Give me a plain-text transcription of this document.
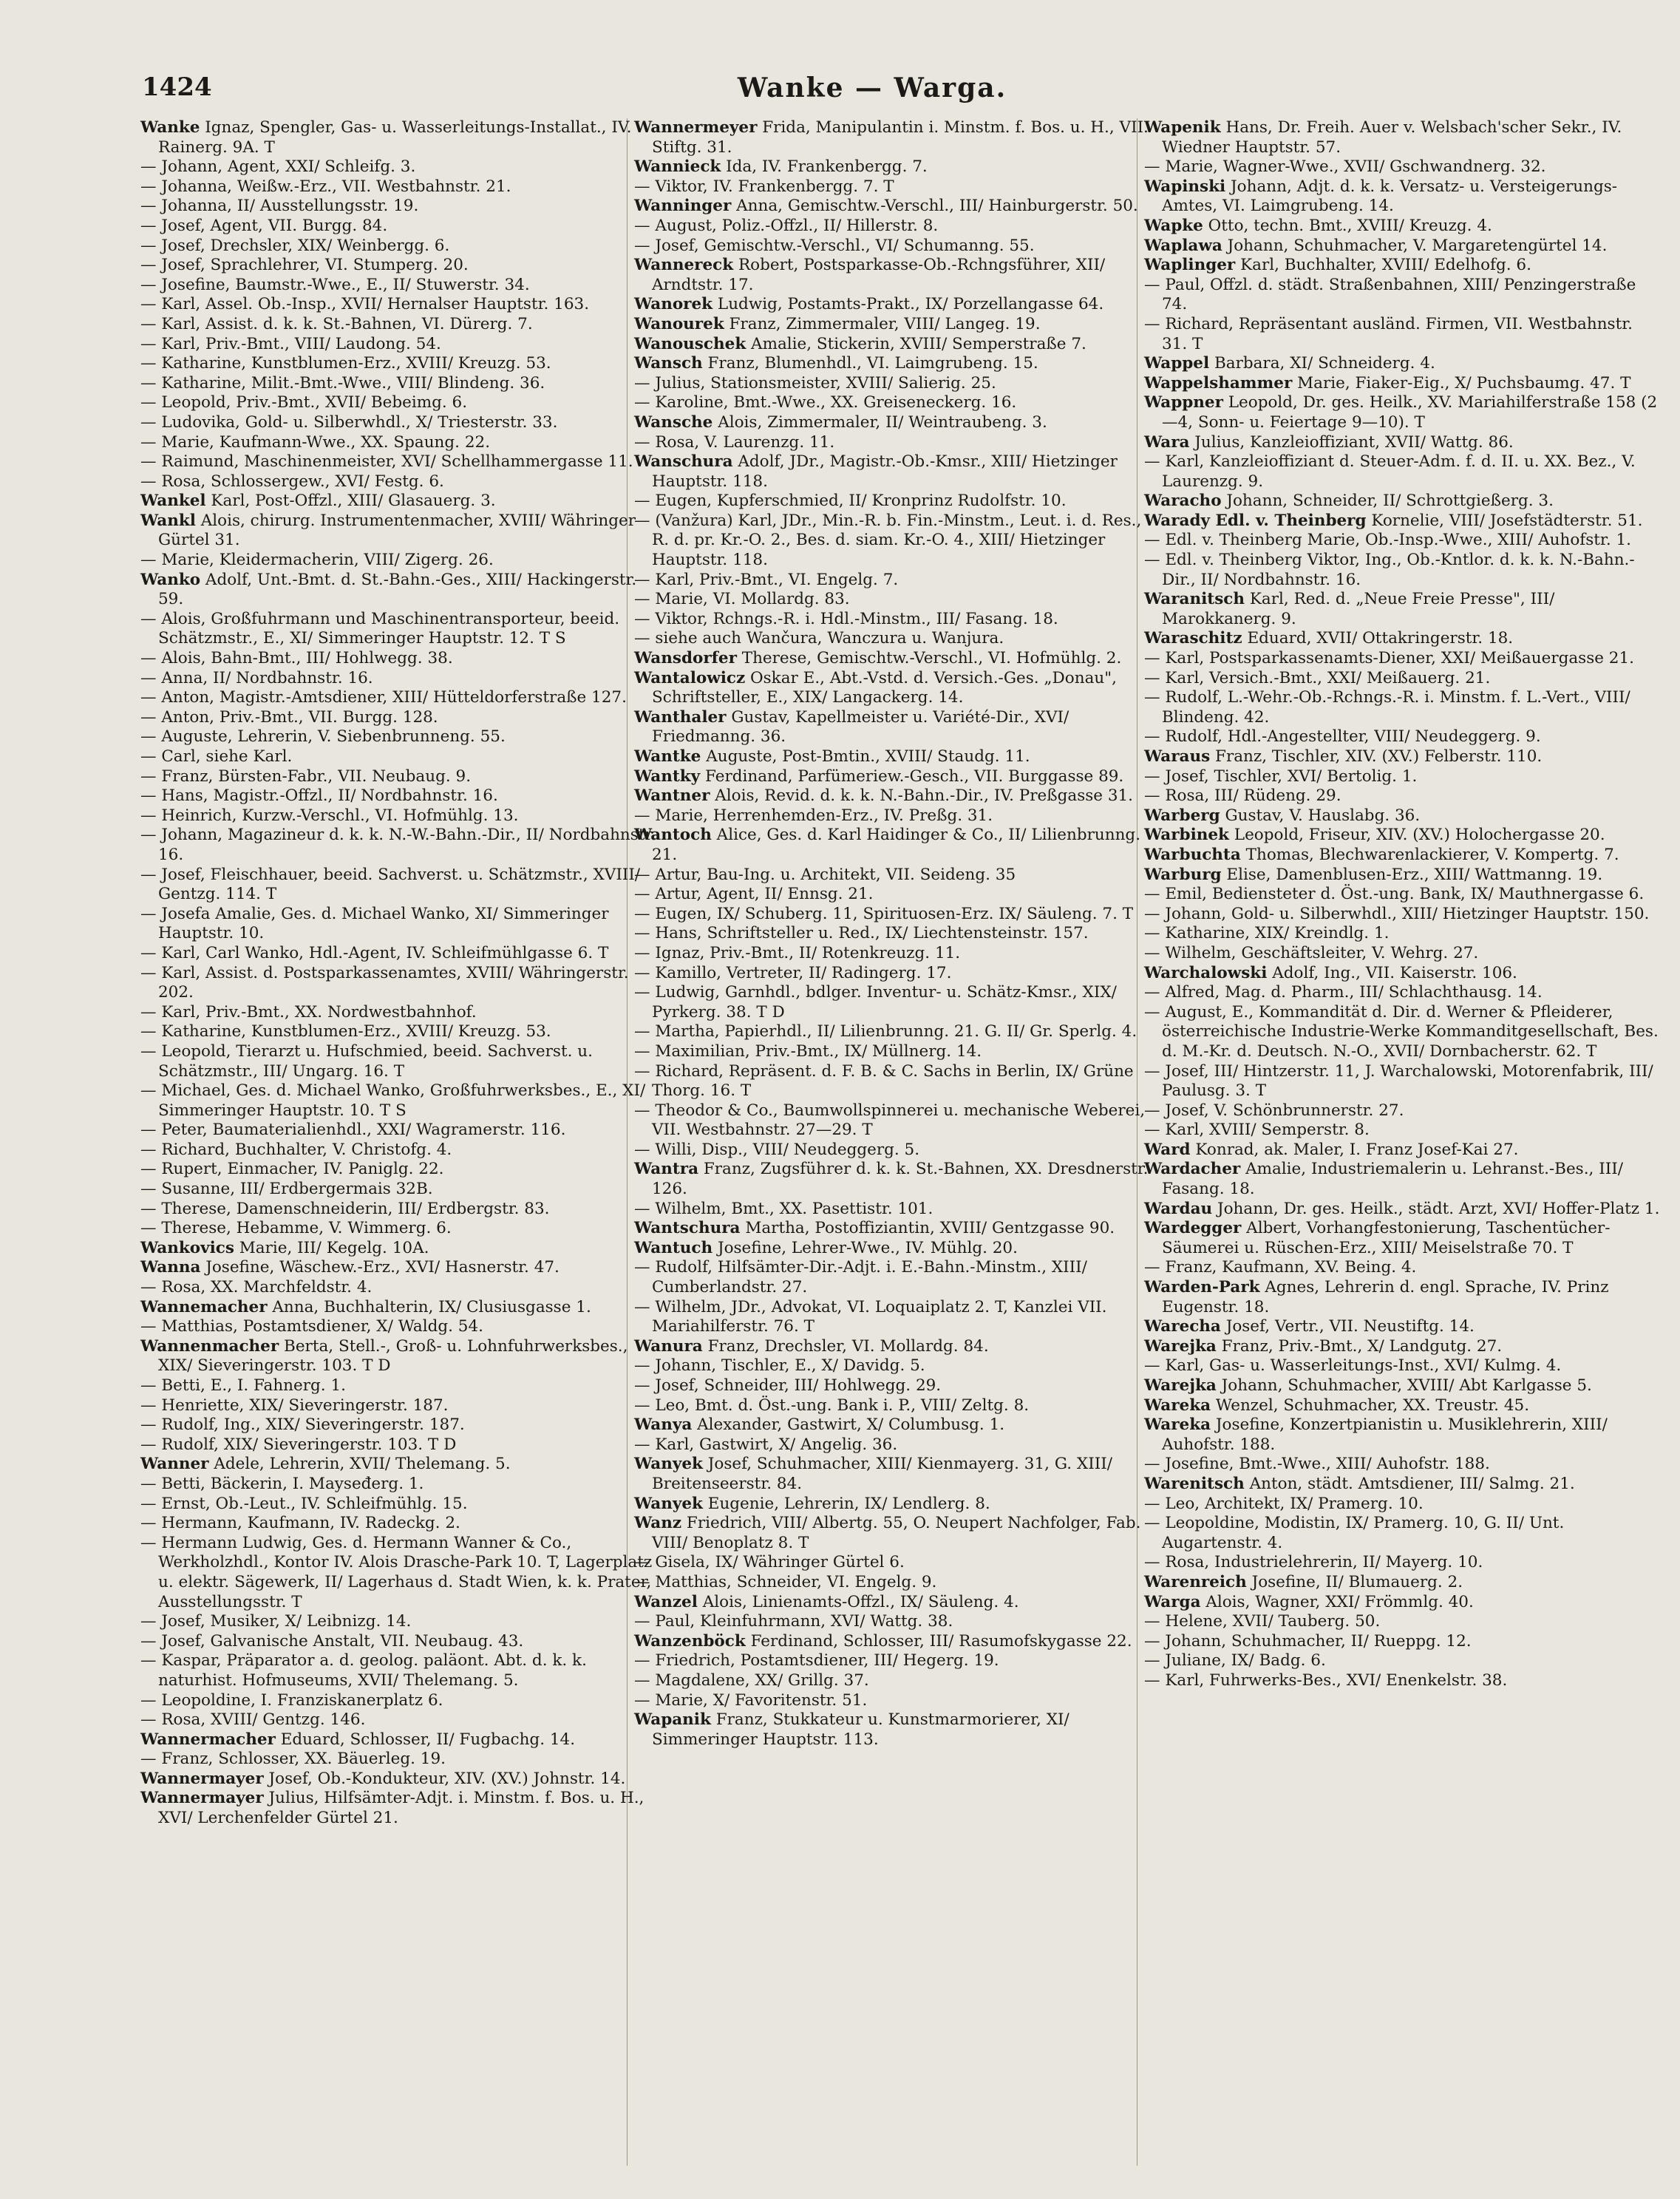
1424	Wanke — Warga.

Wanke Ignaz, Spengler, Gas- u. Wasserleitungs-Installat., IV. Rainerg. 9A. T

— Johann, Agent, XXI/ Schleifg. 3.

— Johanna, Weißw.-Erz., VII. Westbahnstr. 21.

— Johanna, II/ Ausstellungsstr. 19.

— Josef, Agent, VII. Burgg. 84.

— Josef, Drechsler, XIX/ Weinbergg. 6.

— Josef, Sprachlehrer, VI. Stumperg. 20.

— Josefine, Baumstr.-Wwe., E., II/ Stuwerstr. 34.

— Karl, Assel. Ob.-Insp., XVII/ Hernalser Hauptstr. 163.

— Karl, Assist. d. k. k. St.-Bahnen, VI. Dürerg. 7.

— Karl, Priv.-Bmt., VIII/ Laudong. 54.

— Katharine, Kunstblumen-Erz., XVIII/ Kreuzg. 53.

— Katharine, Milit.-Bmt.-Wwe., VIII/ Blindeng. 36.

— Leopold, Priv.-Bmt., XVII/ Bebeimg. 6.

— Ludovika, Gold- u. Silberwhdl., X/ Triesterstr. 33.

— Marie, Kaufmann-Wwe., XX. Spaung. 22.

— Raimund, Maschinenmeister, XVI/ Schellhammergasse 11.

— Rosa, Schlossergew., XVI/ Festg. 6.

Wankel Karl, Post-Offzl., XIII/ Glasauerg. 3.

Wankl Alois, chirurg. Instrumentenmacher, XVIII/ Währinger Gürtel 31.

— Marie, Kleidermacherin, VIII/ Zigerg. 26.

Wanko Adolf, Unt.-Bmt. d. St.-Bahn.-Ges., XIII/ Hackingerstr. 59.

— Alois, Großfuhrmann und Maschinentransporteur, beeid. Schätzmstr., E., XI/ Simmeringer Hauptstr. 12. T S

— Alois, Bahn-Bmt., III/ Hohlwegg. 38.

— Anna, II/ Nordbahnstr. 16.

— Anton, Magistr.-Amtsdiener, XIII/ Hütteldorferstraße 127.

— Anton, Priv.-Bmt., VII. Burgg. 128.

— Auguste, Lehrerin, V. Siebenbrunneng. 55.

— Carl, siehe Karl.

— Franz, Bürsten-Fabr., VII. Neubaug. 9.

— Hans, Magistr.-Offzl., II/ Nordbahnstr. 16.

— Heinrich, Kurzw.-Verschl., VI. Hofmühlg. 13.

— Johann, Magazineur d. k. k. N.-W.-Bahn.-Dir., II/ Nordbahnstr. 16.

— Josef, Fleischhauer, beeid. Sachverst. u. Schätzmstr., XVIII/ Gentzg. 114. T

— Josefa Amalie, Ges. d. Michael Wanko, XI/ Simmeringer Hauptstr. 10.

— Karl, Carl Wanko, Hdl.-Agent, IV. Schleifmühlgasse 6. T

— Karl, Assist. d. Postsparkassenamtes, XVIII/ Währingerstr. 202.

— Karl, Priv.-Bmt., XX. Nordwestbahnhof.

— Katharine, Kunstblumen-Erz., XVIII/ Kreuzg. 53.

— Leopold, Tierarzt u. Hufschmied, beeid. Sachverst. u. Schätzmstr., III/ Ungarg. 16. T

— Michael, Ges. d. Michael Wanko, Großfuhrwerksbes., E., XI/ Simmeringer Hauptstr. 10. T S

— Peter, Baumaterialienhdl., XXI/ Wagramerstr. 116.

— Richard, Buchhalter, V. Christofg. 4.

— Rupert, Einmacher, IV. Paniglg. 22.

— Susanne, III/ Erdbergermais 32B.

— Therese, Damenschneiderin, III/ Erdbergstr. 83.

— Therese, Hebamme, V. Wimmerg. 6.

Wankovics Marie, III/ Kegelg. 10A.

Wanna Josefine, Wäschew.-Erz., XVI/ Hasnerstr. 47.

— Rosa, XX. Marchfeldstr. 4.

Wannemacher Anna, Buchhalterin, IX/ Clusiusgasse 1.

— Matthias, Postamtsdiener, X/ Waldg. 54.

Wannenmacher Berta, Stell.-, Groß- u. Lohnfuhrwerksbes., XIX/ Sieveringerstr. 103. T D

— Betti, E., I. Fahnerg. 1.

— Henriette, XIX/ Sieveringerstr. 187.

— Rudolf, Ing., XIX/ Sieveringerstr. 187.

— Rudolf, XIX/ Sieveringerstr. 103. T D

Wanner Adele, Lehrerin, XVII/ Thelemang. 5.

— Betti, Bäckerin, I. Mayseđerg. 1.

— Ernst, Ob.-Leut., IV. Schleifmühlg. 15.

— Hermann, Kaufmann, IV. Radeckg. 2.

— Hermann Ludwig, Ges. d. Hermann Wanner & Co., Werkholzhdl., Kontor IV. Alois Drasche-Park 10. T, Lagerplatz u. elektr. Sägewerk, II/ Lagerhaus d. Stadt Wien, k. k. Prater, Ausstellungsstr. T

— Josef, Musiker, X/ Leibnizg. 14.

— Josef, Galvanische Anstalt, VII. Neubaug. 43.

— Kaspar, Präparator a. d. geolog. paläont. Abt. d. k. k. naturhist. Hofmuseums, XVII/ Thelemang. 5.

— Leopoldine, I. Franziskanerplatz 6.

— Rosa, XVIII/ Gentzg. 146.

Wannermacher Eduard, Schlosser, II/ Fugbachg. 14.

— Franz, Schlosser, XX. Bäuerleg. 19.

Wannermayer Josef, Ob.-Kondukteur, XIV. (XV.) Johnstr. 14.

Wannermayer Julius, Hilfsämter-Adjt. i. Minstm. f. Bos. u. H., XVI/ Lerchenfelder Gürtel 21.

Wannermeyer Frida, Manipulantin i. Minstm. f. Bos. u. H., VII. Stiftg. 31.

Wannieck Ida, IV. Frankenbergg. 7.

— Viktor, IV. Frankenbergg. 7. T

Wanninger Anna, Gemischtw.-Verschl., III/ Hainburgerstr. 50.

— August, Poliz.-Offzl., II/ Hillerstr. 8.

— Josef, Gemischtw.-Verschl., VI/ Schumanng. 55.

Wannereck Robert, Postsparkasse-Ob.-Rchngsführer, XII/ Arndtstr. 17.

Wanorek Ludwig, Postamts-Prakt., IX/ Porzellangasse 64.

Wanourek Franz, Zimmermaler, VIII/ Langeg. 19.

Wanouschek Amalie, Stickerin, XVIII/ Semperstraße 7.

Wansch Franz, Blumenhdl., VI. Laimgrubeng. 15.

— Julius, Stationsmeister, XVIII/ Salierig. 25.

— Karoline, Bmt.-Wwe., XX. Greiseneckerg. 16.

Wansche Alois, Zimmermaler, II/ Weintraubeng. 3.

— Rosa, V. Laurenzg. 11.

Wanschura Adolf, JDr., Magistr.-Ob.-Kmsr., XIII/ Hietzinger Hauptstr. 118.

— Eugen, Kupferschmied, II/ Kronprinz Rudolfstr. 10.

— (Vanžura) Karl, JDr., Min.-R. b. Fin.-Minstm., Leut. i. d. Res., R. d. pr. Kr.-O. 2., Bes. d. siam. Kr.-O. 4., XIII/ Hietzinger Hauptstr. 118.

— Karl, Priv.-Bmt., VI. Engelg. 7.

— Marie, VI. Mollardg. 83.

— Viktor, Rchngs.-R. i. Hdl.-Minstm., III/ Fasang. 18.

— siehe auch Wančura, Wanczura u. Wanjura.

Wansdorfer Therese, Gemischtw.-Verschl., VI. Hofmühlg. 2.

Wantalowicz Oskar E., Abt.-Vstd. d. Versich.-Ges. „Donau", Schriftsteller, E., XIX/ Langackerg. 14.

Wanthaler Gustav, Kapellmeister u. Variété-Dir., XVI/ Friedmanng. 36.

Wantke Auguste, Post-Bmtin., XVIII/ Staudg. 11.

Wantky Ferdinand, Parfümeriew.-Gesch., VII. Burggasse 89.

Wantner Alois, Revid. d. k. k. N.-Bahn.-Dir., IV. Preßgasse 31.

— Marie, Herrenhemden-Erz., IV. Preßg. 31.

Wantoch Alice, Ges. d. Karl Haidinger & Co., II/ Lilienbrunng. 21.

— Artur, Bau-Ing. u. Architekt, VII. Seideng. 35

— Artur, Agent, II/ Ennsg. 21.

— Eugen, IX/ Schuberg. 11, Spirituosen-Erz. IX/ Säuleng. 7. T

— Hans, Schriftsteller u. Red., IX/ Liechtensteinstr. 157.

— Ignaz, Priv.-Bmt., II/ Rotenkreuzg. 11.

— Kamillo, Vertreter, II/ Radingerg. 17.

— Ludwig, Garnhdl., bdlger. Inventur- u. Schätz-Kmsr., XIX/ Pyrkerg. 38. T D

— Martha, Papierhdl., II/ Lilienbrunng. 21. G. II/ Gr. Sperlg. 4.

— Maximilian, Priv.-Bmt., IX/ Müllnerg. 14.

— Richard, Repräsent. d. F. B. & C. Sachs in Berlin, IX/ Grüne Thorg. 16. T

— Theodor & Co., Baumwollspinnerei u. mechanische Weberei, VII. Westbahnstr. 27—29. T

— Willi, Disp., VIII/ Neudeggerg. 5.

Wantra Franz, Zugsführer d. k. k. St.-Bahnen, XX. Dresdnerstr. 126.

— Wilhelm, Bmt., XX. Pasettistr. 101.

Wantschura Martha, Postoffiziantin, XVIII/ Gentzgasse 90.

Wantuch Josefine, Lehrer-Wwe., IV. Mühlg. 20.

— Rudolf, Hilfsämter-Dir.-Adjt. i. E.-Bahn.-Minstm., XIII/ Cumberlandstr. 27.

— Wilhelm, JDr., Advokat, VI. Loquaiplatz 2. T, Kanzlei VII. Mariahilferstr. 76. T

Wanura Franz, Drechsler, VI. Mollardg. 84.

— Johann, Tischler, E., X/ Davidg. 5.

— Josef, Schneider, III/ Hohlwegg. 29.

— Leo, Bmt. d. Öst.-ung. Bank i. P., VIII/ Zeltg. 8.

Wanya Alexander, Gastwirt, X/ Columbusg. 1.

— Karl, Gastwirt, X/ Angelig. 36.

Wanyek Josef, Schuhmacher, XIII/ Kienmayerg. 31, G. XIII/ Breitenseerstr. 84.

Wanyek Eugenie, Lehrerin, IX/ Lendlerg. 8.

Wanz Friedrich, VIII/ Albertg. 55, O. Neupert Nachfolger, Fab. VIII/ Benoplatz 8. T

— Gisela, IX/ Währinger Gürtel 6.

— Matthias, Schneider, VI. Engelg. 9.

Wanzel Alois, Linienamts-Offzl., IX/ Säuleng. 4.

— Paul, Kleinfuhrmann, XVI/ Wattg. 38.

Wanzenböck Ferdinand, Schlosser, III/ Rasumofskygasse 22.

— Friedrich, Postamtsdiener, III/ Hegerg. 19.

— Magdalene, XX/ Grillg. 37.

— Marie, X/ Favoritenstr. 51.

Wapanik Franz, Stukkateur u. Kunstmarmorierer, XI/ Simmeringer Hauptstr. 113.

Wapenik Hans, Dr. Freih. Auer v. Welsbach'scher Sekr., IV. Wiedner Hauptstr. 57.

— Marie, Wagner-Wwe., XVII/ Gschwandnerg. 32.

Wapinski Johann, Adjt. d. k. k. Versatz- u. Versteigerungs-Amtes, VI. Laimgrubeng. 14.

Wapke Otto, techn. Bmt., XVIII/ Kreuzg. 4.

Waplawa Johann, Schuhmacher, V. Margaretengürtel 14.

Waplinger Karl, Buchhalter, XVIII/ Edelhofg. 6.

— Paul, Offzl. d. städt. Straßenbahnen, XIII/ Penzingerstraße 74.

— Richard, Repräsentant ausländ. Firmen, VII. Westbahnstr. 31. T

Wappel Barbara, XI/ Schneiderg. 4.

Wappelshammer Marie, Fiaker-Eig., X/ Puchsbaumg. 47. T

Wappner Leopold, Dr. ges. Heilk., XV. Mariahilferstraße 158 (2—4, Sonn- u. Feiertage 9—10). T

Wara Julius, Kanzleioffiziant, XVII/ Wattg. 86.

— Karl, Kanzleioffiziant d. Steuer-Adm. f. d. II. u. XX. Bez., V. Laurenzg. 9.

Waracho Johann, Schneider, II/ Schrottgießerg. 3.

Warady Edl. v. Theinberg Kornelie, VIII/ Josefstädterstr. 51.

— Edl. v. Theinberg Marie, Ob.-Insp.-Wwe., XIII/ Auhofstr. 1.

— Edl. v. Theinberg Viktor, Ing., Ob.-Kntlor. d. k. k. N.-Bahn.-Dir., II/ Nordbahnstr. 16.

Waranitsch Karl, Red. d. „Neue Freie Presse", III/ Marokkanerg. 9.

Waraschitz Eduard, XVII/ Ottakringerstr. 18.

— Karl, Postsparkassenamts-Diener, XXI/ Meißauergasse 21.

— Karl, Versich.-Bmt., XXI/ Meißauerg. 21.

— Rudolf, L.-Wehr.-Ob.-Rchngs.-R. i. Minstm. f. L.-Vert., VIII/ Blindeng. 42.

— Rudolf, Hdl.-Angestellter, VIII/ Neudeggerg. 9.

Waraus Franz, Tischler, XIV. (XV.) Felberstr. 110.

— Josef, Tischler, XVI/ Bertolig. 1.

— Rosa, III/ Rüdeng. 29.

Warberg Gustav, V. Hauslabg. 36.

Warbinek Leopold, Friseur, XIV. (XV.) Holochergasse 20.

Warbuchta Thomas, Blechwarenlackierer, V. Kompertg. 7.

Warburg Elise, Damenblusen-Erz., XIII/ Wattmanng. 19.

— Emil, Bediensteter d. Öst.-ung. Bank, IX/ Mauthnergasse 6.

— Johann, Gold- u. Silberwhdl., XIII/ Hietzinger Hauptstr. 150.

— Katharine, XIX/ Kreindlg. 1.

— Wilhelm, Geschäftsleiter, V. Wehrg. 27.

Warchalowski Adolf, Ing., VII. Kaiserstr. 106.

— Alfred, Mag. d. Pharm., III/ Schlachthausg. 14.

— August, E., Kommandität d. Dir. d. Werner & Pfleiderer, österreichische Industrie-Werke Kommanditgesellschaft, Bes. d. M.-Kr. d. Deutsch. N.-O., XVII/ Dornbacherstr. 62. T

— Josef, III/ Hintzerstr. 11, J. Warchalowski, Motorenfabrik, III/ Paulusg. 3. T

— Josef, V. Schönbrunnerstr. 27.

— Karl, XVIII/ Semperstr. 8.

Ward Konrad, ak. Maler, I. Franz Josef-Kai 27.

Wardacher Amalie, Industriemalerin u. Lehranst.-Bes., III/ Fasang. 18.

Wardau Johann, Dr. ges. Heilk., städt. Arzt, XVI/ Hoffer-Platz 1.

Wardegger Albert, Vorhangfestonierung, Taschentücher-Säumerei u. Rüschen-Erz., XIII/ Meiselstraße 70. T

— Franz, Kaufmann, XV. Being. 4.

Warden-Park Agnes, Lehrerin d. engl. Sprache, IV. Prinz Eugenstr. 18.

Warecha Josef, Vertr., VII. Neustiftg. 14.

Warejka Franz, Priv.-Bmt., X/ Landgutg. 27.

— Karl, Gas- u. Wasserleitungs-Inst., XVI/ Kulmg. 4.

Warejka Johann, Schuhmacher, XVIII/ Abt Karlgasse 5.

Wareka Wenzel, Schuhmacher, XX. Treustr. 45.

Wareka Josefine, Konzertpianistin u. Musiklehrerin, XIII/ Auhofstr. 188.

— Josefine, Bmt.-Wwe., XIII/ Auhofstr. 188.

Warenitsch Anton, städt. Amtsdiener, III/ Salmg. 21.

— Leo, Architekt, IX/ Pramerg. 10.

— Leopoldine, Modistin, IX/ Pramerg. 10, G. II/ Unt. Augartenstr. 4.

— Rosa, Industrielehrerin, II/ Mayerg. 10.

Warenreich Josefine, II/ Blumauerg. 2.

Warga Alois, Wagner, XXI/ Frömmlg. 40.

— Helene, XVII/ Tauberg. 50.

— Johann, Schuhmacher, II/ Rueppg. 12.

— Juliane, IX/ Badg. 6.

— Karl, Fuhrwerks-Bes., XVI/ Enenkelstr. 38.
